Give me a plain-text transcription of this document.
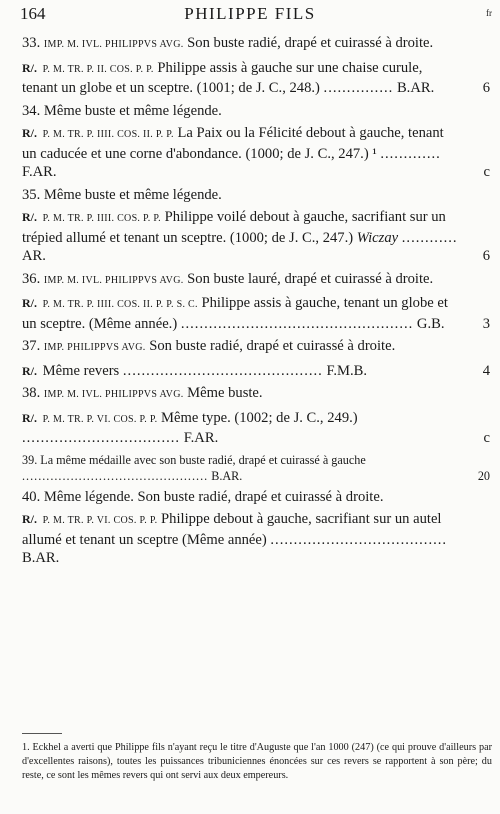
164	PHILIPPE FILS	fr
33. IMP. M. IVL. PHILIPPVS AVG. Son buste radié, drapé et cuirassé à droite.
R/. P. M. TR. P. II. COS. P. P. Philippe assis à gauche sur une chaise curule, tenant un globe et un sceptre. (1001; de J. C., 248.) ............... B.AR.	6
34. Même buste et même légende.
R/. P. M. TR. P. IIII. COS. II. P. P. La Paix ou la Félicité debout à gauche, tenant un caducée et une corne d'abondance. (1000; de J. C., 247.) ¹ ............. F.AR.	c
35. Même buste et même légende.
R/. P. M. TR. P. IIII. COS. P. P. Philippe voilé debout à gauche, sacrifiant sur un trépied allumé et tenant un sceptre. (1000; de J. C., 247.) Wiczay ............ AR.	6
36. IMP. M. IVL. PHILIPPVS AVG. Son buste lauré, drapé et cuirassé à droite.
R/. P. M. TR. P. IIII. COS. II. P. P. S. C. Philippe assis à gauche, tenant un globe et un sceptre. (Même année.) .................................................. G.B.	3
37. IMP. PHILIPPVS AVG. Son buste radié, drapé et cuirassé à droite.
R/. Même revers ........................................... F.M.B.	4
38. IMP. M. IVL. PHILIPPVS AVG. Même buste.
R/. P. M. TR. P. VI. COS. P. P. Même type. (1002; de J. C., 249.) .................................. F.AR.	c
39. La même médaille avec son buste radié, drapé et cuirassé à gauche .............................................. B.AR.	20
40. Même légende. Son buste radié, drapé et cuirassé à droite.
R/. P. M. TR. P. VI. COS. P. P. Philippe debout à gauche, sacrifiant sur un autel allumé et tenant un sceptre (Même année) ...................................... B.AR.
1. Eckhel a averti que Philippe fils n'ayant reçu le titre d'Auguste que l'an 1000 (247) (ce qui prouve d'ailleurs par d'excellentes raisons), toutes les puissances tribuniciennes énoncées sur ces revers se rapportent à son père; du reste, ce sont les mêmes revers qui ont servi aux deux empereurs.
